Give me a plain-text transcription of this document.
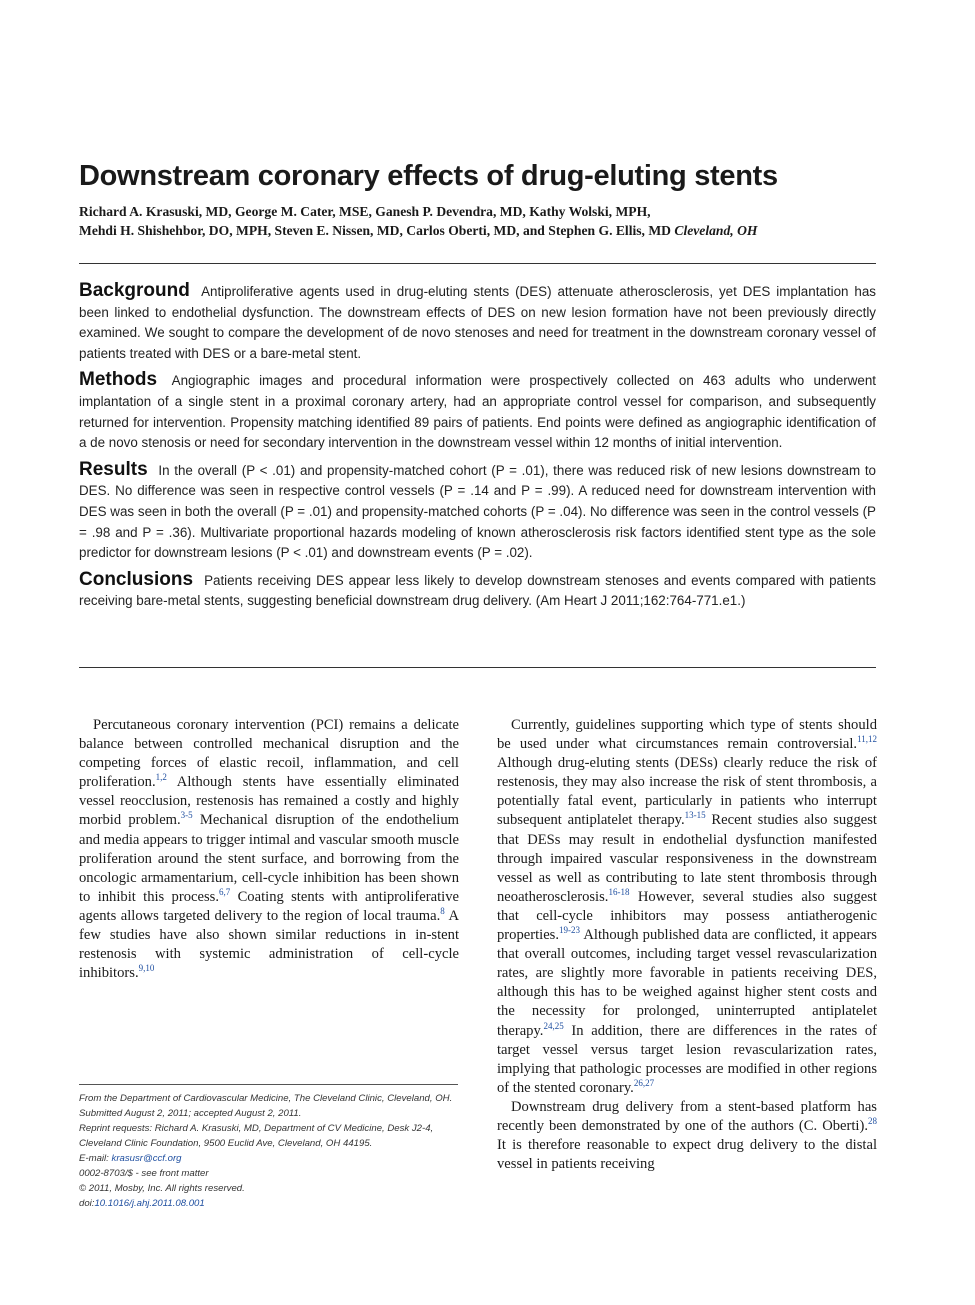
Downstream coronary effects of drug-eluting stents
Richard A. Krasuski, MD, George M. Cater, MSE, Ganesh P. Devendra, MD, Kathy Wolski, MPH,
Mehdi H. Shishehbor, DO, MPH, Steven E. Nissen, MD, Carlos Oberti, MD, and Stephen G. Ellis, MD Cleveland, OH

Background Antiproliferative agents used in drug-eluting stents (DES) attenuate atherosclerosis, yet DES implantation has been linked to endothelial dysfunction. The downstream effects of DES on new lesion formation have not been previously directly examined. We sought to compare the development of de novo stenoses and need for treatment in the downstream coronary vessel of patients treated with DES or a bare-metal stent.

Methods Angiographic images and procedural information were prospectively collected on 463 adults who underwent implantation of a single stent in a proximal coronary artery, had an appropriate control vessel for comparison, and subsequently returned for intervention. Propensity matching identified 89 pairs of patients. End points were defined as angiographic identification of a de novo stenosis or need for secondary intervention in the downstream vessel within 12 months of initial intervention.

Results In the overall (P < .01) and propensity-matched cohort (P = .01), there was reduced risk of new lesions downstream to DES. No difference was seen in respective control vessels (P = .14 and P = .99). A reduced need for downstream intervention with DES was seen in both the overall (P = .01) and propensity-matched cohorts (P = .04). No difference was seen in the control vessels (P = .98 and P = .36). Multivariate proportional hazards modeling of known atherosclerosis risk factors identified stent type as the sole predictor for downstream lesions (P < .01) and downstream events (P = .02).

Conclusions Patients receiving DES appear less likely to develop downstream stenoses and events compared with patients receiving bare-metal stents, suggesting beneficial downstream drug delivery. (Am Heart J 2011;162:764-771.e1.)

Percutaneous coronary intervention (PCI) remains a delicate balance between controlled mechanical disruption and the competing forces of elastic recoil, inflammation, and cell proliferation.$^{1,2}$ Although stents have essentially eliminated vessel reocclusion, restenosis has remained a costly and highly morbid problem.$^{3-5}$ Mechanical disruption of the endothelium and media appears to trigger intimal and vascular smooth muscle proliferation around the stent surface, and borrowing from the oncologic armamentarium, cell-cycle inhibition has been shown to inhibit this process.$^{6,7}$ Coating stents with antiproliferative agents allows targeted delivery to the region of local trauma.$^8$ A few studies have also shown similar reductions in in-stent restenosis with systemic administration of cell-cycle inhibitors.$^{9,10}$

Currently, guidelines supporting which type of stents should be used under what circumstances remain controversial.$^{11,12}$ Although drug-eluting stents (DESs) clearly reduce the risk of restenosis, they may also increase the risk of stent thrombosis, a potentially fatal event, particularly in patients who interrupt subsequent antiplatelet therapy.$^{13-15}$ Recent studies also suggest that DESs may result in endothelial dysfunction manifested through impaired vascular responsiveness in the downstream vessel as well as contributing to late stent thrombosis through neoatherosclerosis.$^{16-18}$ However, several studies also suggest that cell-cycle inhibitors may possess antiatherogenic properties.$^{19-23}$ Although published data are conflicted, it appears that overall outcomes, including target vessel revascularization rates, are slightly more favorable in patients receiving DES, although this has to be weighed against higher stent costs and the necessity for prolonged, uninterrupted antiplatelet therapy.$^{24,25}$ In addition, there are differences in the rates of target vessel versus target lesion revascularization rates, implying that pathologic processes are modified in other regions of the stented coronary.$^{26,27}$

Downstream drug delivery from a stent-based platform has recently been demonstrated by one of the authors (C. Oberti).$^{28}$ It is therefore reasonable to expect drug delivery to the distal vessel in patients receiving

From the Department of Cardiovascular Medicine, The Cleveland Clinic, Cleveland, OH.
Submitted August 2, 2011; accepted August 2, 2011.
Reprint requests: Richard A. Krasuski, MD, Department of CV Medicine, Desk J2-4,
Cleveland Clinic Foundation, 9500 Euclid Ave, Cleveland, OH 44195.
E-mail: krasusr@ccf.org
0002-8703/$ - see front matter
© 2011, Mosby, Inc. All rights reserved.
doi:10.1016/j.ahj.2011.08.001
